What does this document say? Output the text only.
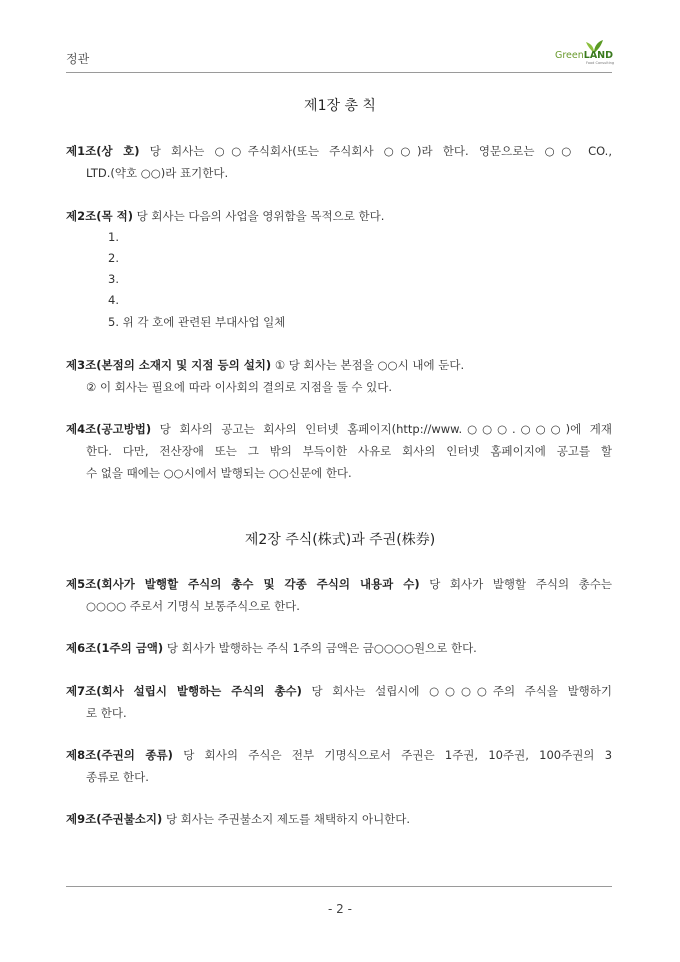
정관	GreenLAND
Food Consulting
제1장 총 칙
제1조(상 호) 당 회사는 ○○주식회사(또는 주식회사 ○○)라 한다. 영문으로는 ○○ CO.,
LTD.(약호 ○○)라 표기한다.
제2조(목 적) 당 회사는 다음의 사업을 영위함을 목적으로 한다.
1.
2.
3.
4.
5. 위 각 호에 관련된 부대사업 일체
제3조(본점의 소재지 및 지점 등의 설치) ① 당 회사는 본점을 ○○시 내에 둔다.
② 이 회사는 필요에 따라 이사회의 결의로 지점을 둘 수 있다.
제4조(공고방법) 당 회사의 공고는 회사의 인터넷 홈페이지(http://www.○○○.○○○)에 게재
한다. 다만, 전산장애 또는 그 밖의 부득이한 사유로 회사의 인터넷 홈페이지에 공고를 할
수 없을 때에는 ○○시에서 발행되는 ○○신문에 한다.
제2장 주식(株式)과 주권(株券)
제5조(회사가 발행할 주식의 총수 및 각종 주식의 내용과 수) 당 회사가 발행할 주식의 총수는
○○○○ 주로서 기명식 보통주식으로 한다.
제6조(1주의 금액) 당 회사가 발행하는 주식 1주의 금액은 금○○○○원으로 한다.
제7조(회사 설립시 발행하는 주식의 총수) 당 회사는 설립시에 ○○○○주의 주식을 발행하기
로 한다.
제8조(주권의 종류) 당 회사의 주식은 전부 기명식으로서 주권은 1주권, 10주권, 100주권의 3
종류로 한다.
제9조(주권불소지) 당 회사는 주권불소지 제도를 채택하지 아니한다.
- 2 -
